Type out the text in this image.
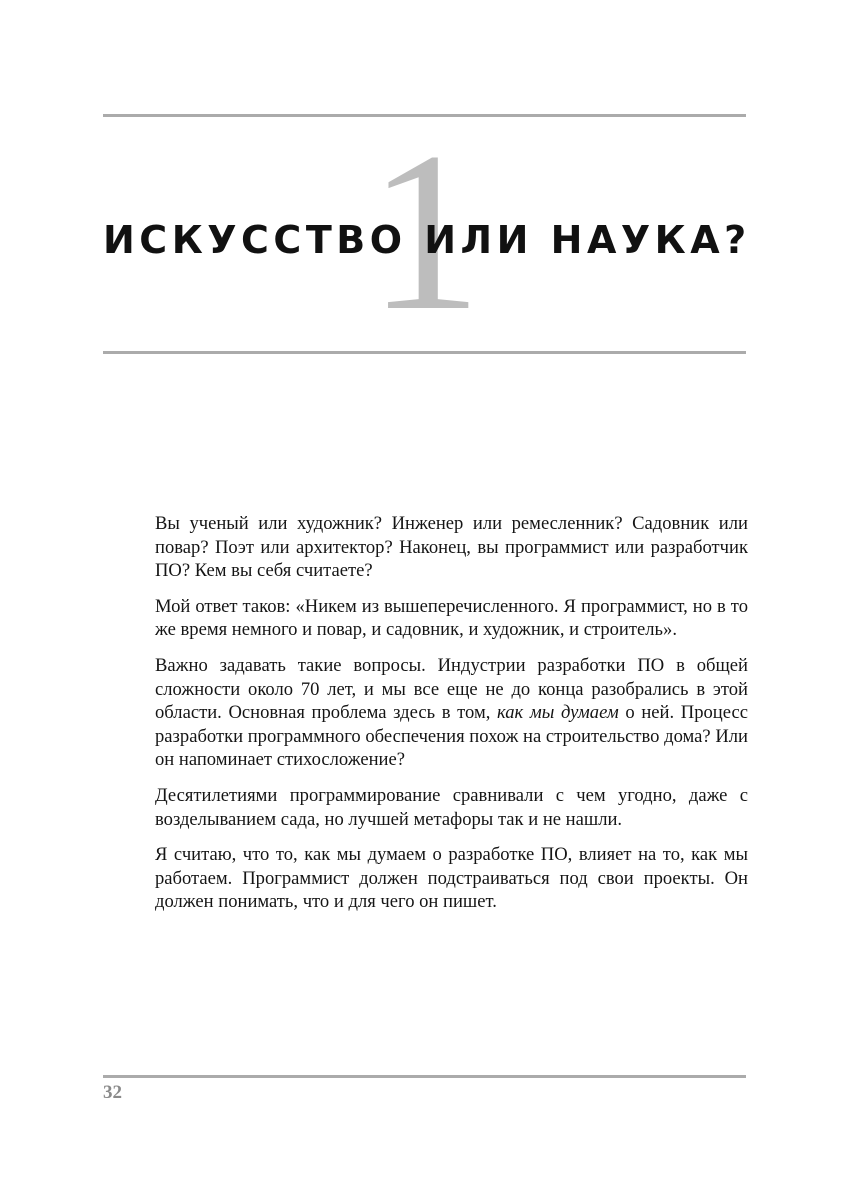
1
ИСКУССТВО ИЛИ НАУКА?

Вы ученый или художник? Инженер или ремесленник? Садовник или повар? Поэт или архитектор? Наконец, вы программист или разработчик ПО? Кем вы себя считаете?

Мой ответ таков: «Никем из вышеперечисленного. Я программист, но в то же время немного и повар, и садовник, и художник, и строитель».

Важно задавать такие вопросы. Индустрии разработки ПО в общей сложности около 70 лет, и мы все еще не до конца разобрались в этой области. Основная проблема здесь в том, как мы думаем о ней. Процесс разработки программного обеспечения похож на строительство дома? Или он напоминает стихосложение?

Десятилетиями программирование сравнивали с чем угодно, даже с возделыванием сада, но лучшей метафоры так и не нашли.

Я считаю, что то, как мы думаем о разработке ПО, влияет на то, как мы работаем. Программист должен подстраиваться под свои проекты. Он должен понимать, что и для чего он пишет.

32
